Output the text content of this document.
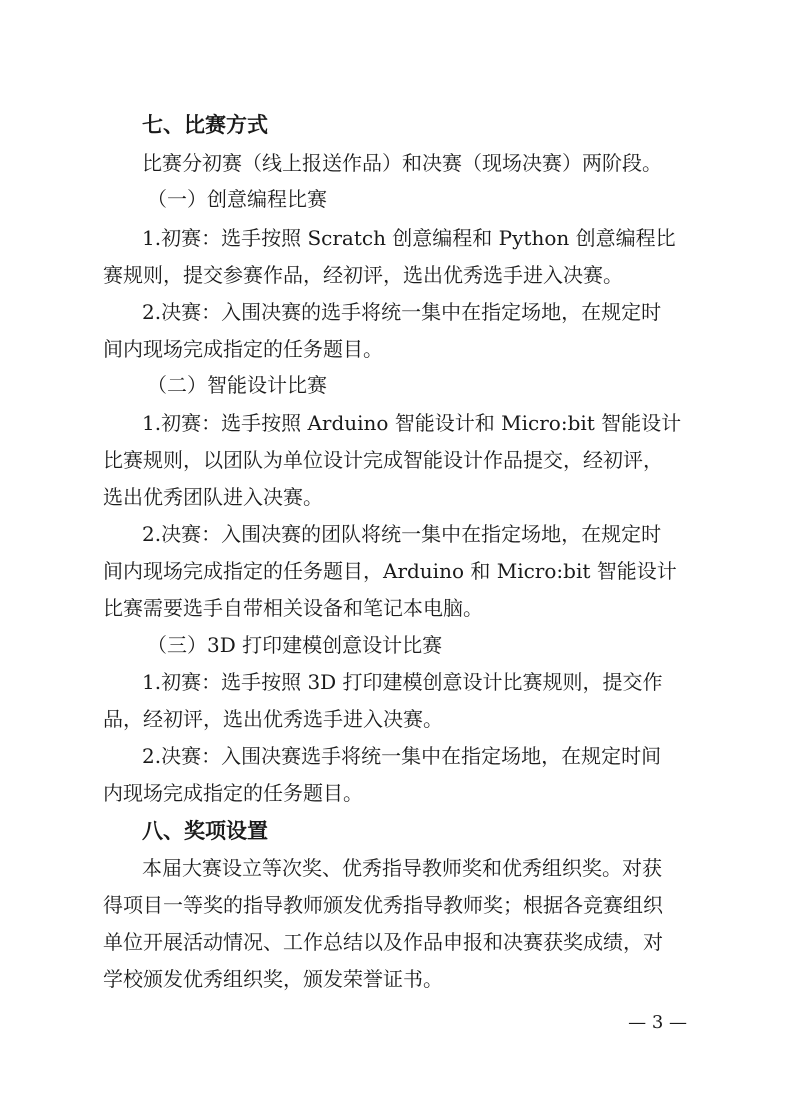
七、比赛方式
比赛分初赛（线上报送作品）和决赛（现场决赛）两阶段。
（一）创意编程比赛
1.初赛：选手按照 Scratch 创意编程和 Python 创意编程比
赛规则，提交参赛作品，经初评，选出优秀选手进入决赛。
2.决赛：入围决赛的选手将统一集中在指定场地，在规定时
间内现场完成指定的任务题目。
（二）智能设计比赛
1.初赛：选手按照 Arduino 智能设计和 Micro:bit 智能设计
比赛规则，以团队为单位设计完成智能设计作品提交，经初评，
选出优秀团队进入决赛。
2.决赛：入围决赛的团队将统一集中在指定场地，在规定时
间内现场完成指定的任务题目，Arduino 和 Micro:bit 智能设计
比赛需要选手自带相关设备和笔记本电脑。
（三）3D 打印建模创意设计比赛
1.初赛：选手按照 3D 打印建模创意设计比赛规则，提交作
品，经初评，选出优秀选手进入决赛。
2.决赛：入围决赛选手将统一集中在指定场地，在规定时间
内现场完成指定的任务题目。
八、奖项设置
本届大赛设立等次奖、优秀指导教师奖和优秀组织奖。对获
得项目一等奖的指导教师颁发优秀指导教师奖；根据各竞赛组织
单位开展活动情况、工作总结以及作品申报和决赛获奖成绩，对
学校颁发优秀组织奖，颁发荣誉证书。
— 3 —
